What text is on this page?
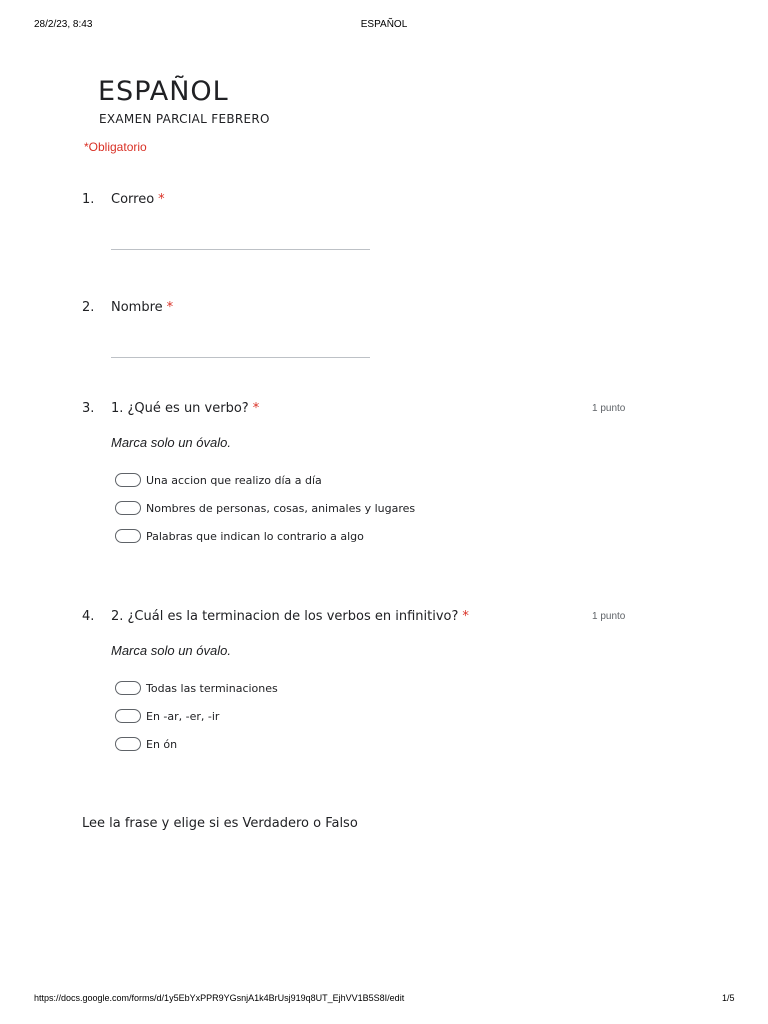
28/2/23, 8:43	ESPAÑOL
ESPAÑOL
EXAMEN PARCIAL FEBRERO
*Obligatorio
1. Correo *
2. Nombre *
3. 1. ¿Qué es un verbo? *	1 punto
Marca solo un óvalo.
Una accion que realizo día a día
Nombres de personas, cosas, animales y lugares
Palabras que indican lo contrario a algo
4. 2. ¿Cuál es la terminacion de los verbos en infinitivo? *	1 punto
Marca solo un óvalo.
Todas las terminaciones
En -ar, -er, -ir
En ón
Lee la frase y elige si es Verdadero o Falso
https://docs.google.com/forms/d/1y5EbYxPPR9YGsnjA1k4BrUsj919q8UT_EjhVV1B5S8I/edit	1/5
